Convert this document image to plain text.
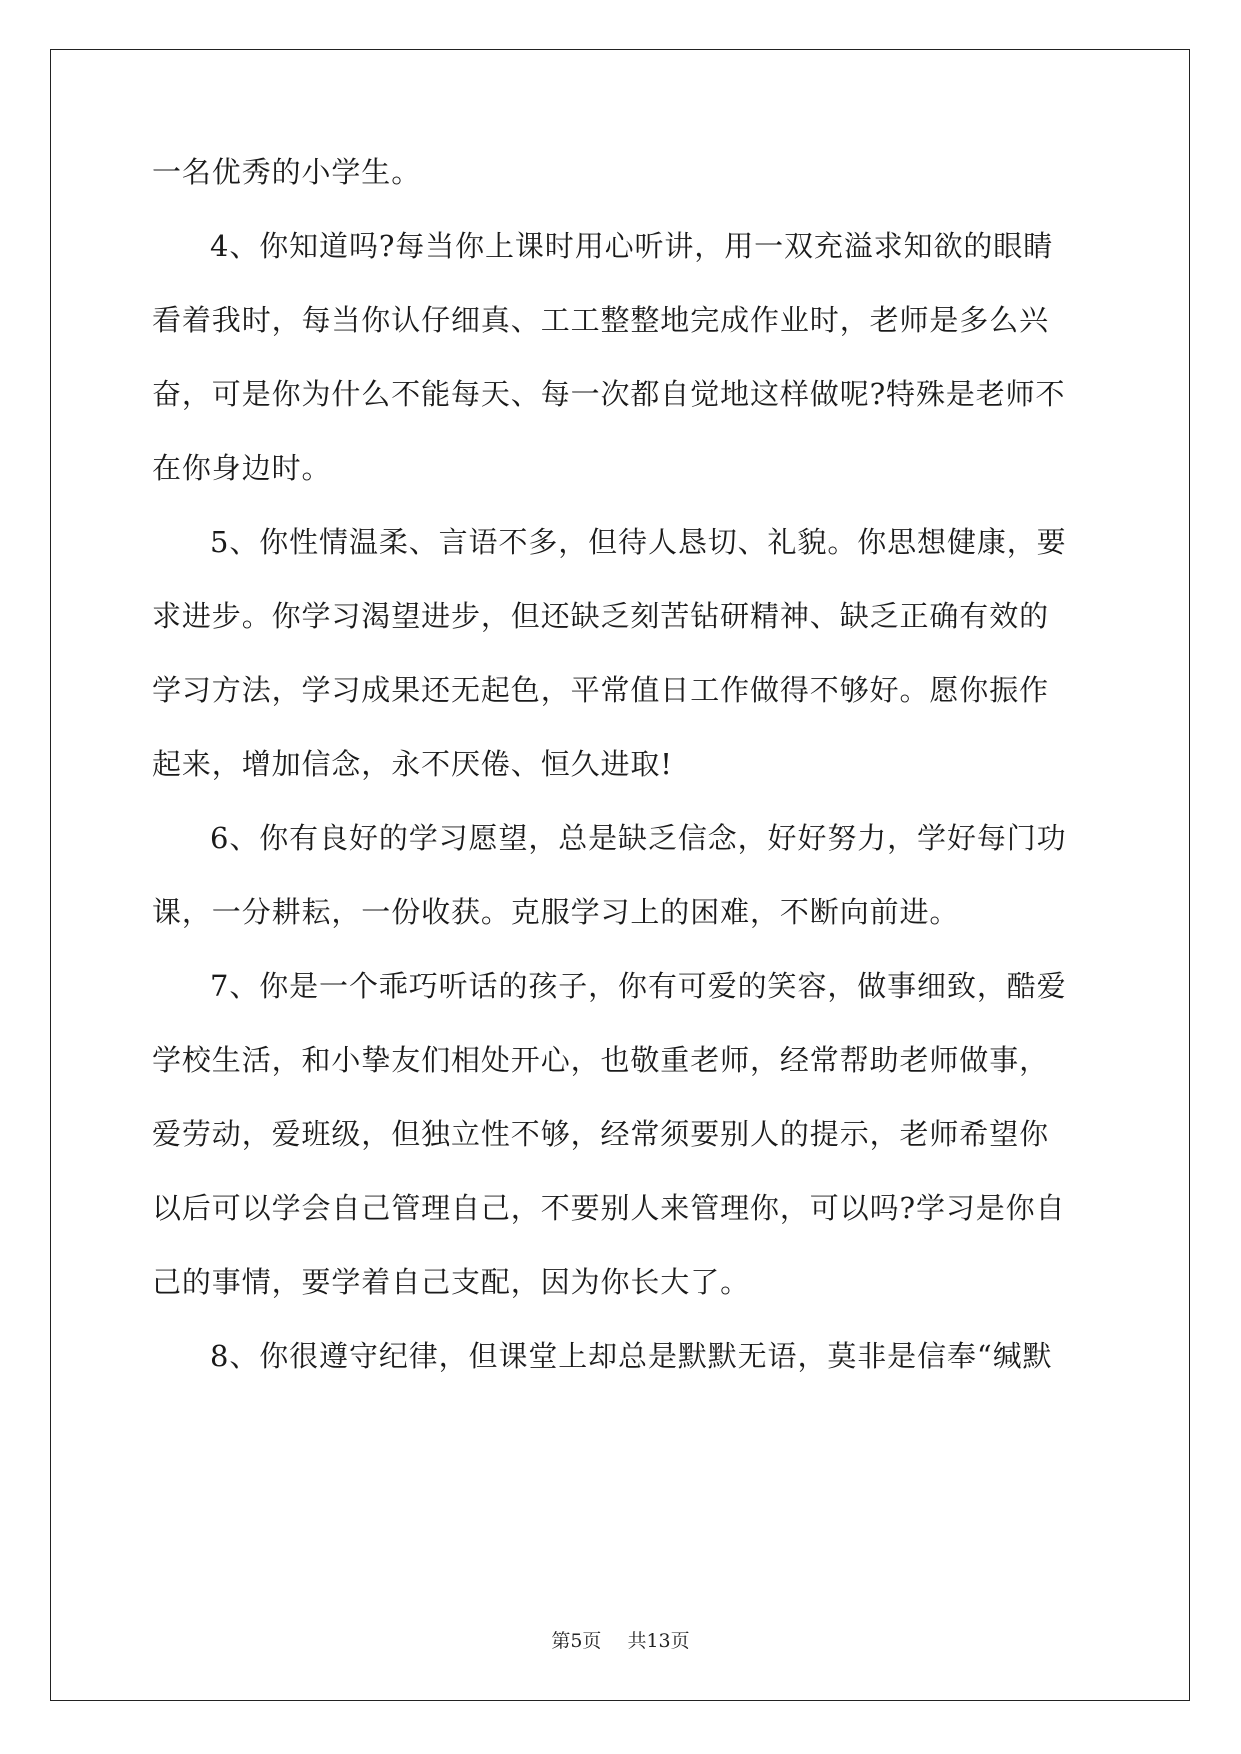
一名优秀的小学生。
4、你知道吗?每当你上课时用心听讲，用一双充溢求知欲的眼睛
看着我时，每当你认仔细真、工工整整地完成作业时，老师是多么兴
奋，可是你为什么不能每天、每一次都自觉地这样做呢?特殊是老师不
在你身边时。
5、你性情温柔、言语不多，但待人恳切、礼貌。你思想健康，要
求进步。你学习渴望进步，但还缺乏刻苦钻研精神、缺乏正确有效的
学习方法，学习成果还无起色，平常值日工作做得不够好。愿你振作
起来，增加信念，永不厌倦、恒久进取!
6、你有良好的学习愿望，总是缺乏信念，好好努力，学好每门功
课，一分耕耘，一份收获。克服学习上的困难，不断向前进。
7、你是一个乖巧听话的孩子，你有可爱的笑容，做事细致，酷爱
学校生活，和小挚友们相处开心，也敬重老师，经常帮助老师做事，
爱劳动，爱班级，但独立性不够，经常须要别人的提示，老师希望你
以后可以学会自己管理自己，不要别人来管理你，可以吗?学习是你自
己的事情，要学着自己支配，因为你长大了。
8、你很遵守纪律，但课堂上却总是默默无语，莫非是信奉“缄默
第5页 共13页
